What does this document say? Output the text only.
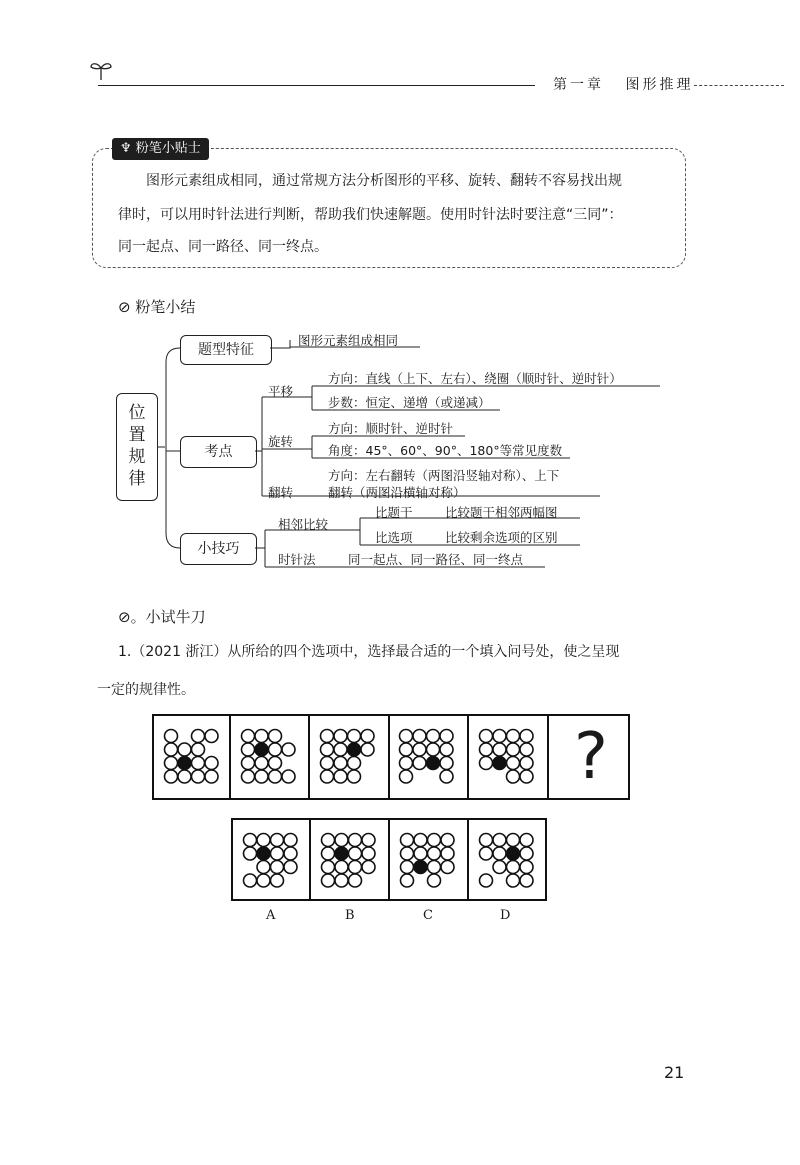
第一章 图形推理
♆ 粉笔小贴士
图形元素组成相同，通过常规方法分析图形的平移、旋转、翻转不容易找出规
律时，可以用时针法进行判断，帮助我们快速解题。使用时针法时要注意“三同”：
同一起点、同一路径、同一终点。
⊘ 粉笔小结
位置规律
题型特征
图形元素组成相同
考点
平移
方向：直线（上下、左右）、绕圈（顺时针、逆时针）
步数：恒定、递增（或递减）
旋转
方向：顺时针、逆时针
角度：45°、60°、90°、180°等常见度数
翻转
方向：左右翻转（两图沿竖轴对称）、上下
翻转（两图沿横轴对称）
小技巧
相邻比较
比题干	比较题干相邻两幅图
比选项	比较剩余选项的区别
时针法	同一起点、同一路径、同一终点
⊘。小试牛刀
1.（2021 浙江）从所给的四个选项中，选择最合适的一个填入问号处，使之呈现
一定的规律性。
?
A	B	C	D
21
